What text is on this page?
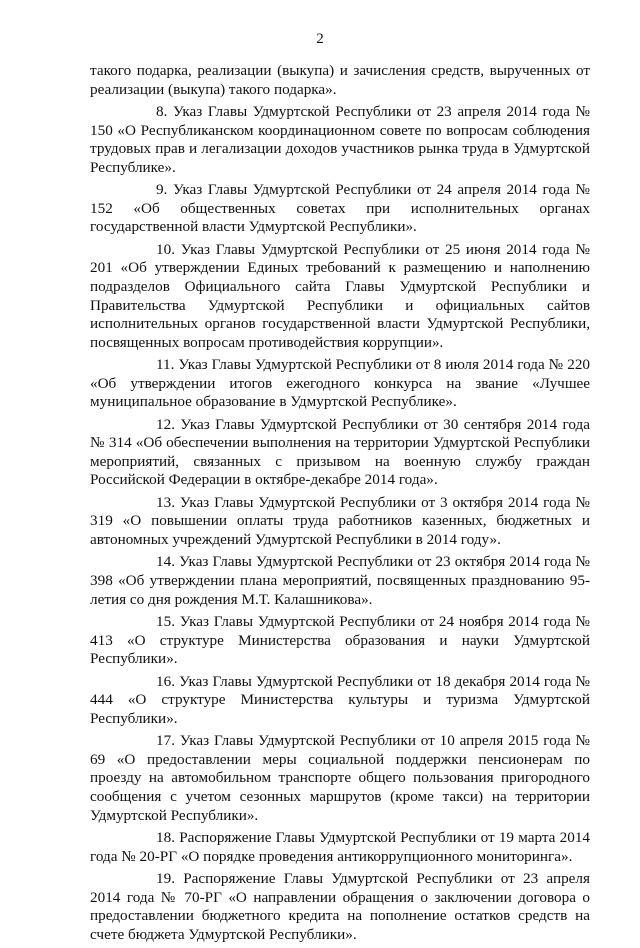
2

такого подарка, реализации (выкупа) и зачисления средств, вырученных от реализации (выкупа) такого подарка».

8. Указ Главы Удмуртской Республики от 23 апреля 2014 года № 150 «О Республиканском координационном совете по вопросам соблюдения трудовых прав и легализации доходов участников рынка труда в Удмуртской Республике».

9. Указ Главы Удмуртской Республики от 24 апреля 2014 года № 152 «Об общественных советах при исполнительных органах государственной власти Удмуртской Республики».

10. Указ Главы Удмуртской Республики от 25 июня 2014 года № 201 «Об утверждении Единых требований к размещению и наполнению подразделов Официального сайта Главы Удмуртской Республики и Правительства Удмуртской Республики и официальных сайтов исполнительных органов государственной власти Удмуртской Республики, посвященных вопросам противодействия коррупции».

11. Указ Главы Удмуртской Республики от 8 июля 2014 года № 220 «Об утверждении итогов ежегодного конкурса на звание «Лучшее муниципальное образование в Удмуртской Республике».

12. Указ Главы Удмуртской Республики от 30 сентября 2014 года № 314 «Об обеспечении выполнения на территории Удмуртской Республики мероприятий, связанных с призывом на военную службу граждан Российской Федерации в октябре-декабре 2014 года».

13. Указ Главы Удмуртской Республики от 3 октября 2014 года № 319 «О повышении оплаты труда работников казенных, бюджетных и автономных учреждений Удмуртской Республики в 2014 году».

14. Указ Главы Удмуртской Республики от 23 октября 2014 года № 398 «Об утверждении плана мероприятий, посвященных празднованию 95-летия со дня рождения М.Т. Калашникова».

15. Указ Главы Удмуртской Республики от 24 ноября 2014 года № 413 «О структуре Министерства образования и науки Удмуртской Республики».

16. Указ Главы Удмуртской Республики от 18 декабря 2014 года № 444 «О структуре Министерства культуры и туризма Удмуртской Республики».

17. Указ Главы Удмуртской Республики от 10 апреля 2015 года № 69 «О предоставлении меры социальной поддержки пенсионерам по проезду на автомобильном транспорте общего пользования пригородного сообщения с учетом сезонных маршрутов (кроме такси) на территории Удмуртской Республики».

18. Распоряжение Главы Удмуртской Республики от 19 марта 2014 года № 20-РГ «О порядке проведения антикоррупционного мониторинга».

19. Распоряжение Главы Удмуртской Республики от 23 апреля 2014 года № 70-РГ «О направлении обращения о заключении договора о предоставлении бюджетного кредита на пополнение остатков средств на счете бюджета Удмуртской Республики».
